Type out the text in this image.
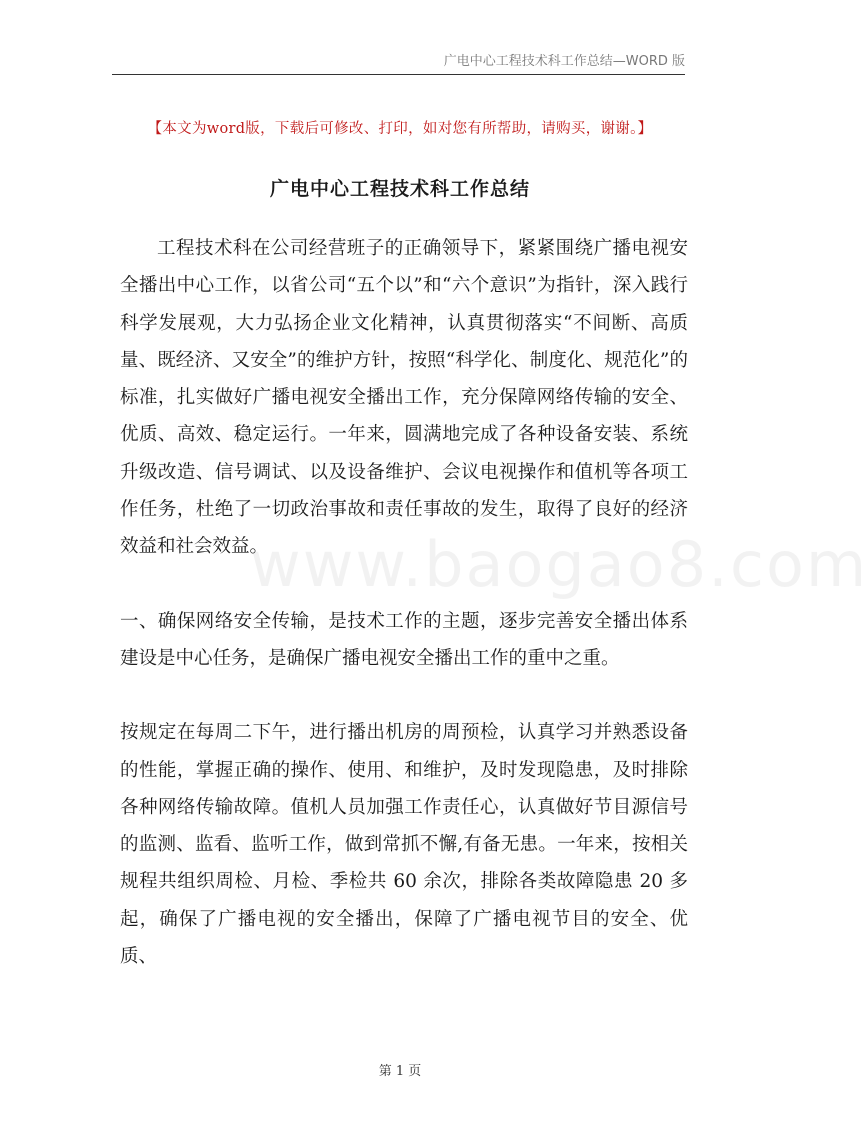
广电中心工程技术科工作总结—WORD 版
【本文为word版，下载后可修改、打印，如对您有所帮助，请购买，谢谢。】
广电中心工程技术科工作总结
www.baogao8.com

工程技术科在公司经营班子的正确领导下，紧紧围绕广播电视安全播出中心工作，以省公司“五个以”和“六个意识”为指针，深入践行科学发展观，大力弘扬企业文化精神，认真贯彻落实“不间断、高质量、既经济、又安全”的维护方针，按照“科学化、制度化、规范化”的标准，扎实做好广播电视安全播出工作，充分保障网络传输的安全、优质、高效、稳定运行。一年来，圆满地完成了各种设备安装、系统升级改造、信号调试、以及设备维护、会议电视操作和值机等各项工作任务，杜绝了一切政治事故和责任事故的发生，取得了良好的经济效益和社会效益。

一、确保网络安全传输，是技术工作的主题，逐步完善安全播出体系建设是中心任务，是确保广播电视安全播出工作的重中之重。

按规定在每周二下午，进行播出机房的周预检，认真学习并熟悉设备的性能，掌握正确的操作、使用、和维护，及时发现隐患，及时排除各种网络传输故障。值机人员加强工作责任心，认真做好节目源信号的监测、监看、监听工作，做到常抓不懈,有备无患。一年来，按相关规程共组织周检、月检、季检共 60 余次，排除各类故障隐患 20 多起，确保了广播电视的安全播出，保障了广播电视节目的安全、优质、

第 1 页
